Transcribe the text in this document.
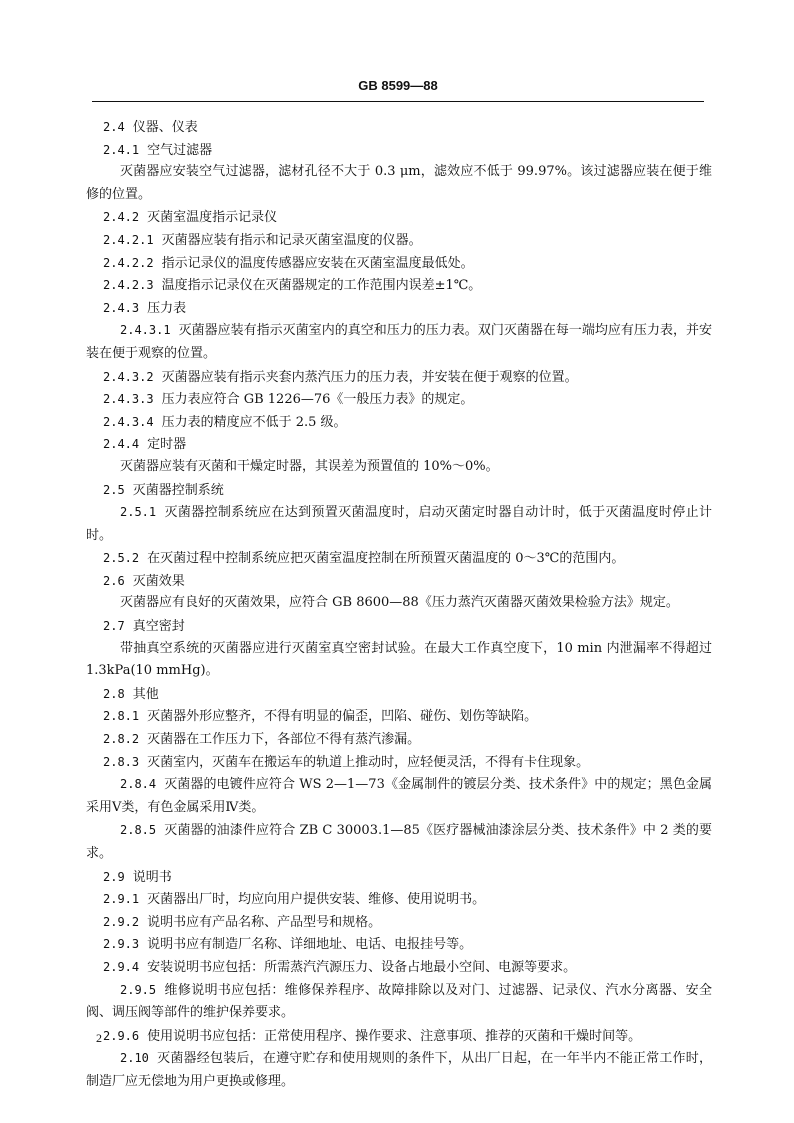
GB 8599—88
2.4 仪器、仪表
2.4.1 空气过滤器
灭菌器应安装空气过滤器，滤材孔径不大于 0.3 μm，滤效应不低于 99.97%。该过滤器应装在便于维修的位置。
2.4.2 灭菌室温度指示记录仪
2.4.2.1 灭菌器应装有指示和记录灭菌室温度的仪器。
2.4.2.2 指示记录仪的温度传感器应安装在灭菌室温度最低处。
2.4.2.3 温度指示记录仪在灭菌器规定的工作范围内误差±1℃。
2.4.3 压力表
2.4.3.1 灭菌器应装有指示灭菌室内的真空和压力的压力表。双门灭菌器在每一端均应有压力表，并安装在便于观察的位置。
2.4.3.2 灭菌器应装有指示夹套内蒸汽压力的压力表，并安装在便于观察的位置。
2.4.3.3 压力表应符合 GB 1226—76《一般压力表》的规定。
2.4.3.4 压力表的精度应不低于 2.5 级。
2.4.4 定时器
灭菌器应装有灭菌和干燥定时器，其误差为预置值的 10%～0%。
2.5 灭菌器控制系统
2.5.1 灭菌器控制系统应在达到预置灭菌温度时，启动灭菌定时器自动计时，低于灭菌温度时停止计时。
2.5.2 在灭菌过程中控制系统应把灭菌室温度控制在所预置灭菌温度的 0～3℃的范围内。
2.6 灭菌效果
灭菌器应有良好的灭菌效果，应符合 GB 8600—88《压力蒸汽灭菌器灭菌效果检验方法》规定。
2.7 真空密封
带抽真空系统的灭菌器应进行灭菌室真空密封试验。在最大工作真空度下，10 min 内泄漏率不得超过 1.3kPa(10 mmHg)。
2.8 其他
2.8.1 灭菌器外形应整齐，不得有明显的偏歪，凹陷、碰伤、划伤等缺陷。
2.8.2 灭菌器在工作压力下，各部位不得有蒸汽渗漏。
2.8.3 灭菌室内，灭菌车在搬运车的轨道上推动时，应轻便灵活，不得有卡住现象。
2.8.4 灭菌器的电镀件应符合 WS 2—1—73《金属制件的镀层分类、技术条件》中的规定；黑色金属采用Ⅴ类，有色金属采用Ⅳ类。
2.8.5 灭菌器的油漆件应符合 ZB C 30003.1—85《医疗器械油漆涂层分类、技术条件》中 2 类的要求。
2.9 说明书
2.9.1 灭菌器出厂时，均应向用户提供安装、维修、使用说明书。
2.9.2 说明书应有产品名称、产品型号和规格。
2.9.3 说明书应有制造厂名称、详细地址、电话、电报挂号等。
2.9.4 安装说明书应包括：所需蒸汽汽源压力、设备占地最小空间、电源等要求。
2.9.5 维修说明书应包括：维修保养程序、故障排除以及对门、过滤器、记录仪、汽水分离器、安全阀、调压阀等部件的维护保养要求。
2.9.6 使用说明书应包括：正常使用程序、操作要求、注意事项、推荐的灭菌和干燥时间等。
2.10 灭菌器经包装后，在遵守贮存和使用规则的条件下，从出厂日起，在一年半内不能正常工作时，制造厂应无偿地为用户更换或修理。
2
